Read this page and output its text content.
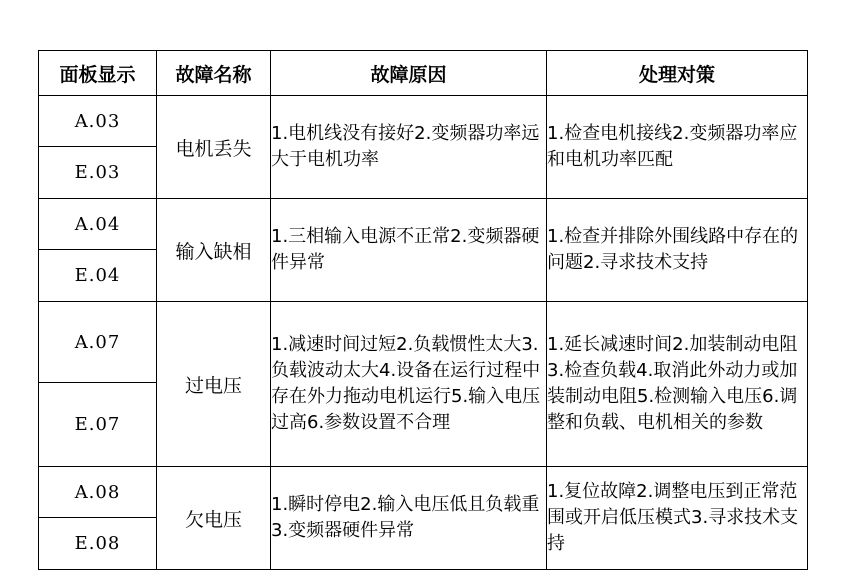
面板显示	故障名称	故障原因	处理对策
A.03	电机丢失	1.电机线没有接好2.变频器功率远大于电机功率	1.检查电机接线2.变频器功率应和电机功率匹配
E.03			
A.04	输入缺相	1.三相输入电源不正常2.变频器硬件异常	1.检查并排除外围线路中存在的问题2.寻求技术支持
E.04			
A.07	过电压	1.减速时间过短2.负载惯性太大3.负载波动太大4.设备在运行过程中存在外力拖动电机运行5.输入电压过高6.参数设置不合理	1.延长减速时间2.加装制动电阻3.检查负载4.取消此外动力或加装制动电阻5.检测输入电压6.调整和负载、电机相关的参数
E.07			
A.08	欠电压	1.瞬时停电2.输入电压低且负载重3.变频器硬件异常	1.复位故障2.调整电压到正常范围或开启低压模式3.寻求技术支持
E.08			
